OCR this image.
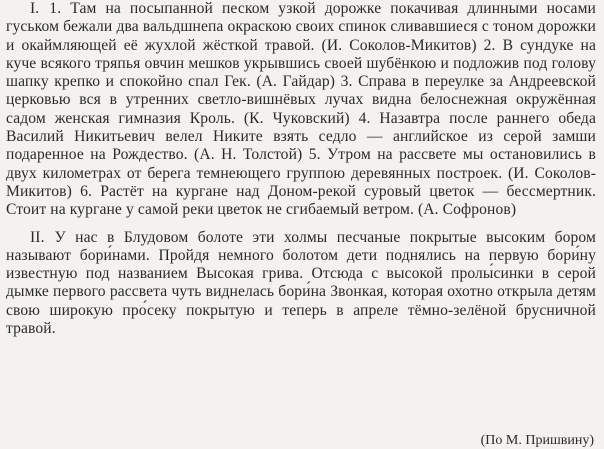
I. 1. Там на посыпанной песком узкой дорожке покачивая длинными носами гуськом бежали два вальдшнепа окраскою своих спинок сливавшиеся с тоном дорожки и окаймляющей её жухлой жёсткой травой. (И. Соколов-Микитов) 2. В сундуке на куче всякого тряпья овчин мешков укрывшись своей шубёнкою и подложив под голову шапку крепко и спокойно спал Гек. (А. Гайдар) 3. Справа в переулке за Андреевской церковью вся в утренних светло-вишнёвых лучах видна белоснежная окружённая садом женская гимназия Кроль. (К. Чуковский) 4. Назавтра после раннего обеда Василий Никитьевич велел Никите взять седло — английское из серой замши подаренное на Рождество. (А. Н. Толстой) 5. Утром на рассвете мы остановились в двух километрах от берега темнеющего группою деревянных построек. (И. Соколов-Микитов) 6. Растёт на кургане над Доном-рекой суровый цветок — бессмертник. Стоит на кургане у самой реки цветок не сгибаемый ветром. (А. Софронов)

II. У нас в Блудовом болоте эти холмы песчаные покрытые высоким бором называют бори́нами. Пройдя немного болотом дети поднялись на первую бори́ну известную под названием Высокая грива. Отсюда с высокой пролы́синки в серой дымке первого рассвета чуть виднелась бори́на Звонкая, которая охотно открыла детям свою широкую про́секу покрытую и теперь в апреле тёмно-зелёной брусничной травой.

(По М. Пришвину)
